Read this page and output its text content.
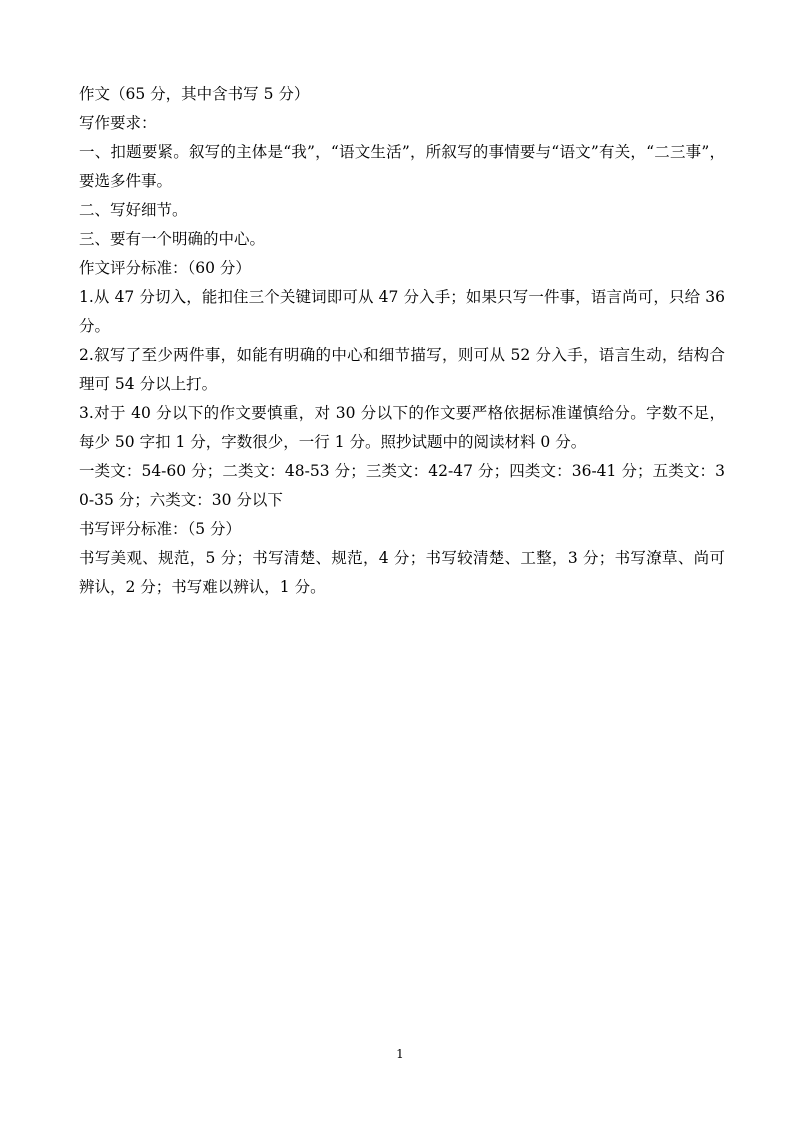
作文（65 分，其中含书写 5 分）
写作要求：

一、扣题要紧。叙写的主体是“我”，“语文生活”，所叙写的事情要与“语文”有关，“二三事”，要选多件事。

二、写好细节。
三、要有一个明确的中心。
作文评分标准：（60 分）

1.从 47 分切入，能扣住三个关键词即可从 47 分入手；如果只写一件事，语言尚可，只给 36 分。

2.叙写了至少两件事，如能有明确的中心和细节描写，则可从 52 分入手，语言生动，结构合理可 54 分以上打。

3.对于 40 分以下的作文要慎重，对 30 分以下的作文要严格依据标准谨慎给分。字数不足，每少 50 字扣 1 分，字数很少，一行 1 分。照抄试题中的阅读材料 0 分。

一类文：54-60 分；二类文：48-53 分；三类文：42-47 分；四类文：36-41 分；五类文：30-35 分；六类文：30 分以下

书写评分标准：（5 分）

书写美观、规范，5 分；书写清楚、规范，4 分；书写较清楚、工整，3 分；书写潦草、尚可 辨认，2 分；书写难以辨认，1 分。

1
